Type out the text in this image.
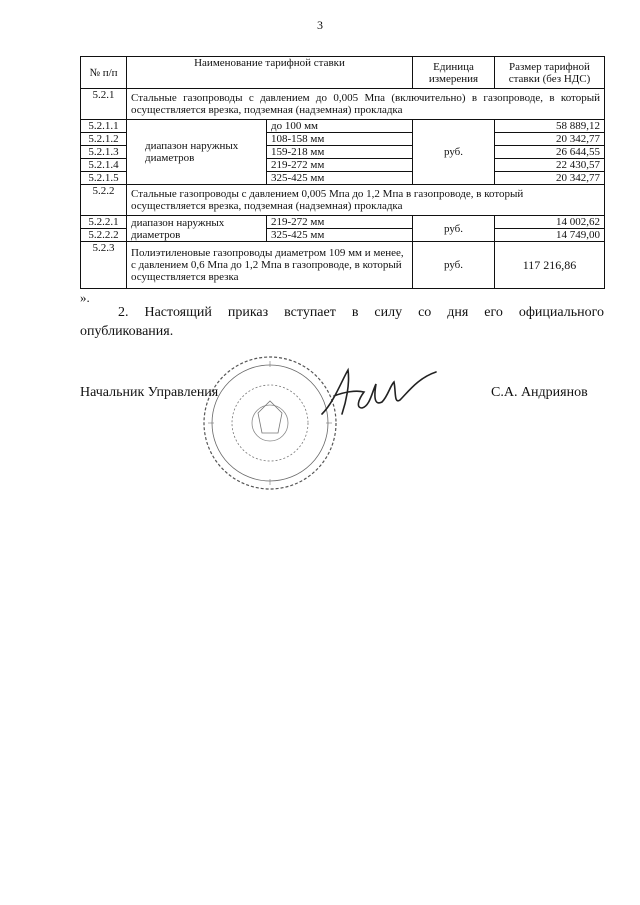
3
№ п/п	Наименование тарифной ставки		Единица измерения	Размер тарифной ставки (без НДС)
5.2.1	Стальные газопроводы с давлением до 0,005 Мпа (включительно) в газопроводе, в который осуществляется врезка, подземная (надземная) прокладка			
5.2.1.1	диапазон наружных диаметров	до 100 мм	руб.	58 889,12
5.2.1.2		108-158 мм		20 342,77
5.2.1.3		159-218 мм		26 644,55
5.2.1.4		219-272 мм		22 430,57
5.2.1.5		325-425 мм		20 342,77
5.2.2	Стальные газопроводы с давлением 0,005 Мпа до 1,2 Мпа в газопроводе, в который осуществляется врезка, подземная (надземная) прокладка			
5.2.2.1	диапазон наружных диаметров	219-272 мм	руб.	14 002,62
5.2.2.2		325-425 мм		14 749,00
5.2.3	Полиэтиленовые газопроводы диаметром 109 мм и менее, с давлением 0,6 Мпа до 1,2 Мпа в газопроводе, в который осуществляется врезка		руб.	117 216,86
».
2. Настоящий приказ вступает в силу со дня его официального
опубликования.
Начальник Управления	С.А. Андриянов
